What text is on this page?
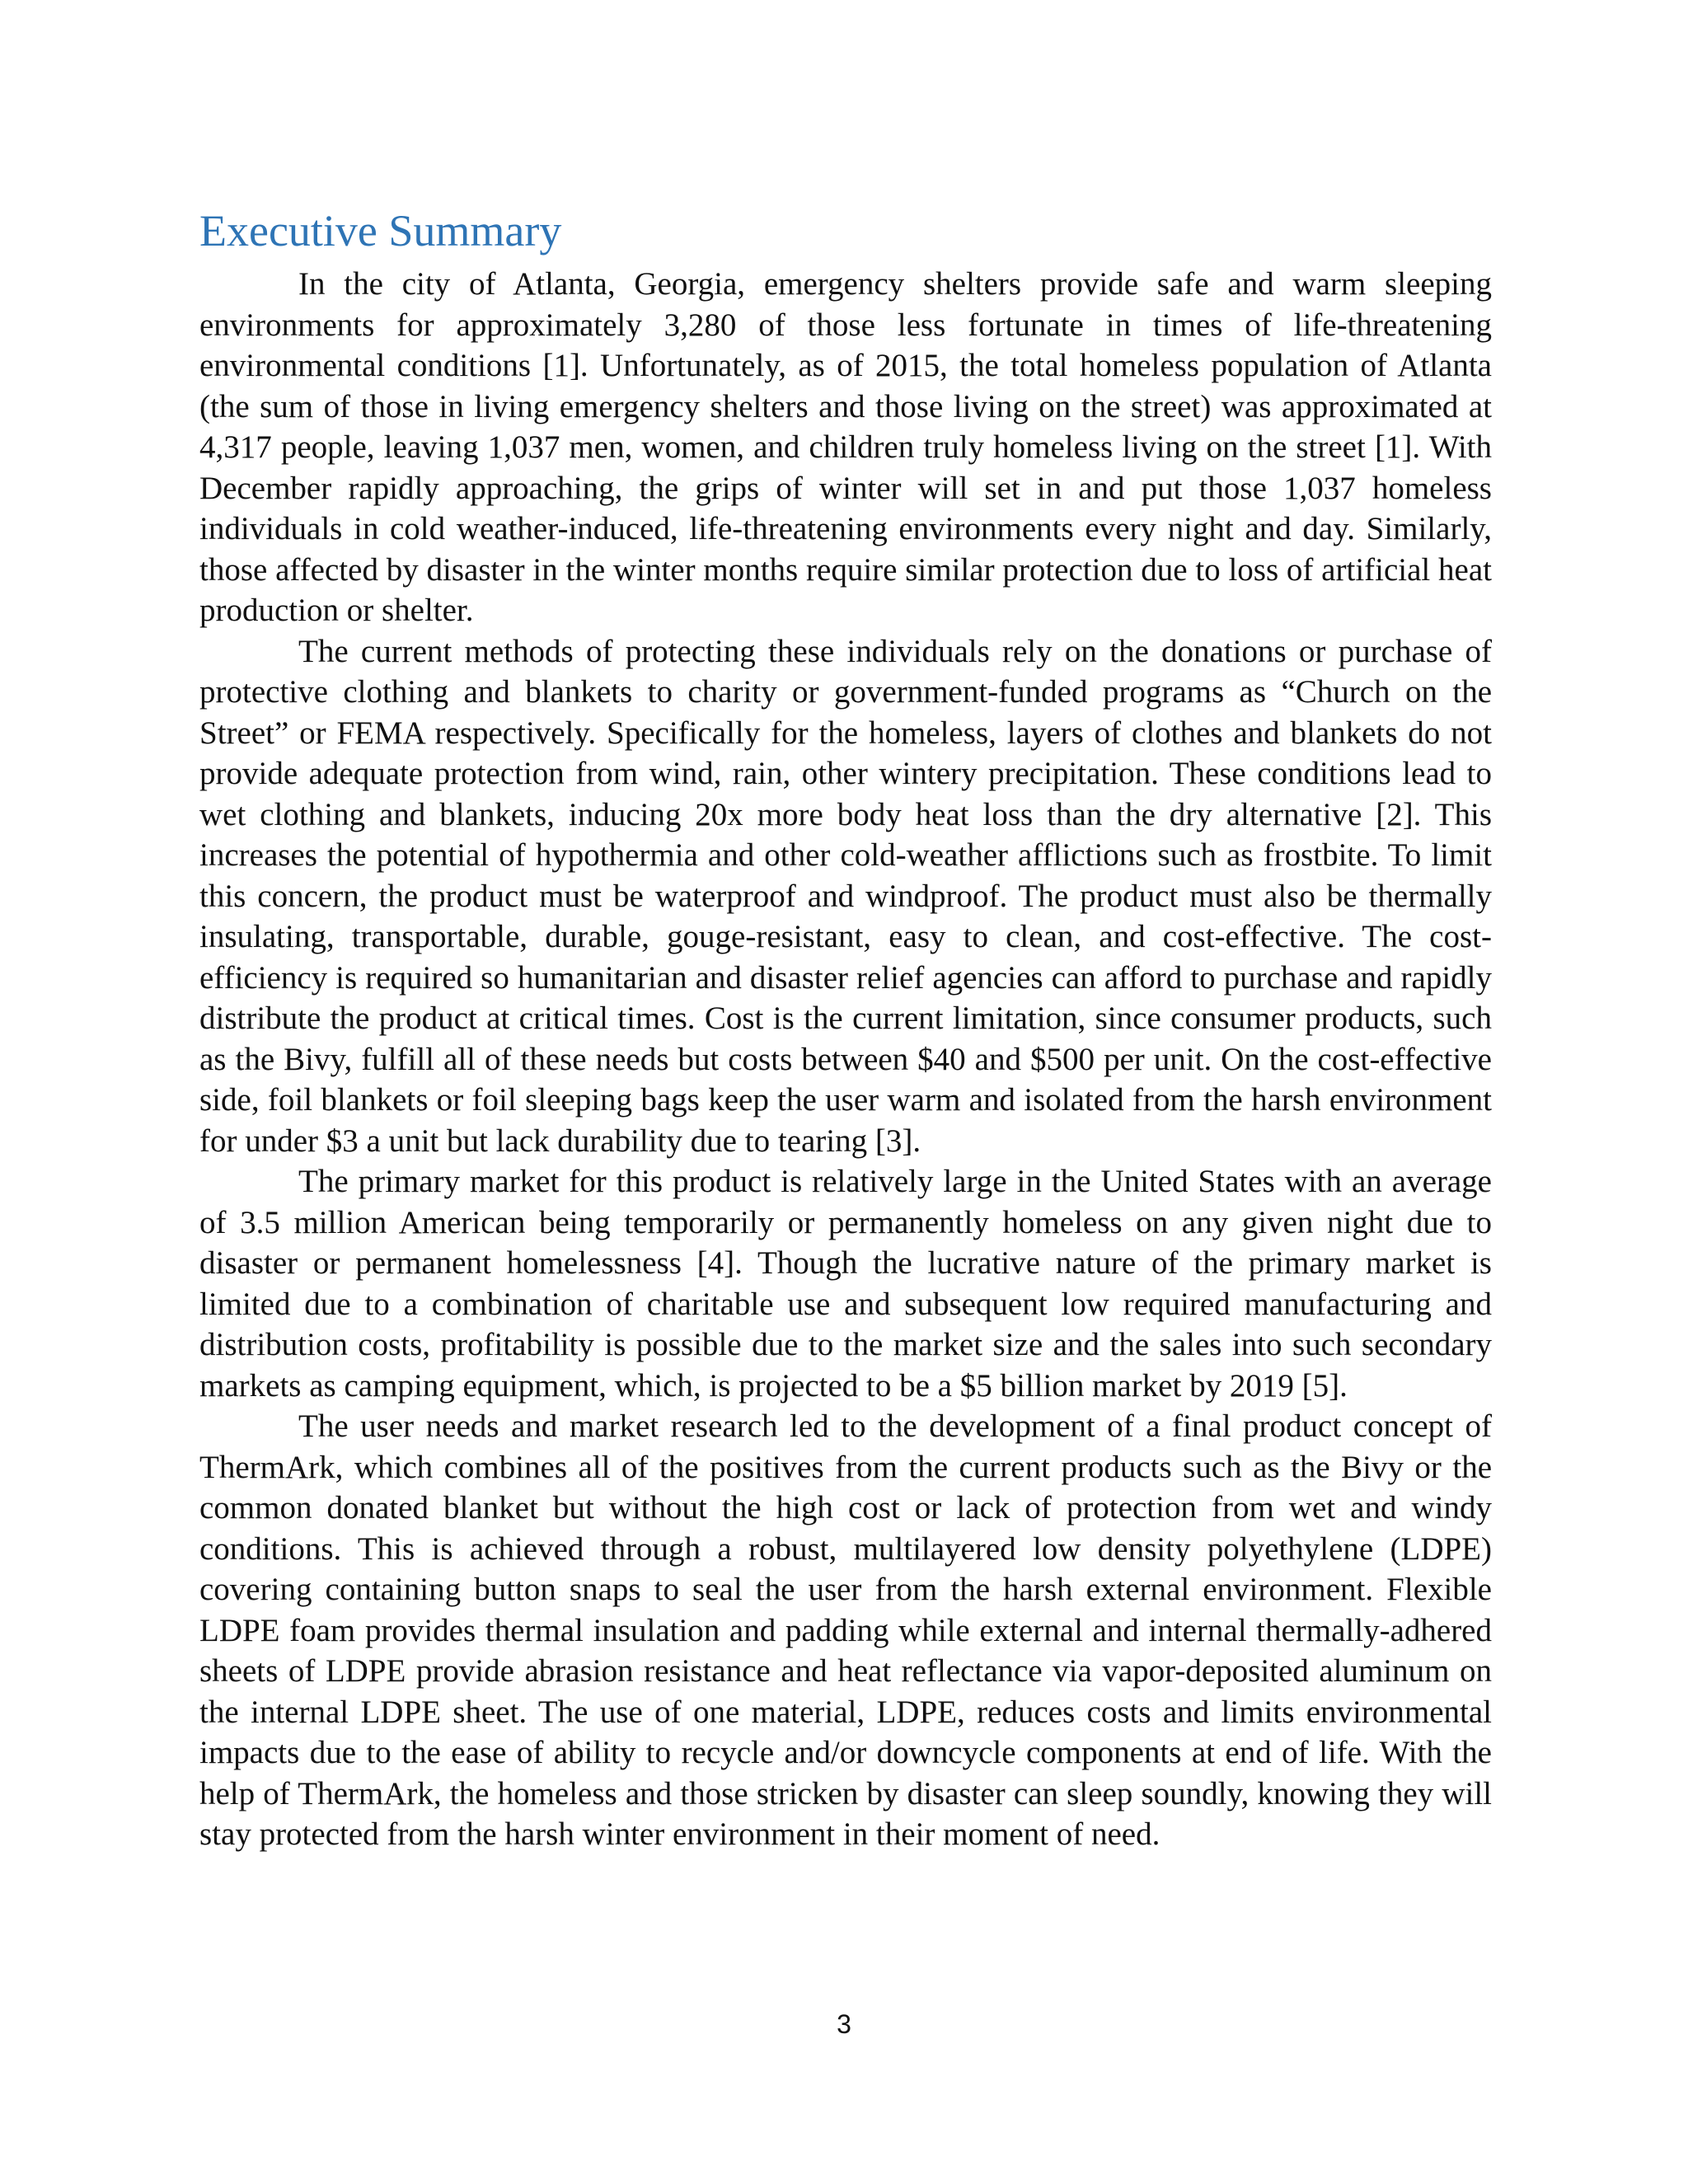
Executive Summary

In the city of Atlanta, Georgia, emergency shelters provide safe and warm sleeping environments for approximately 3,280 of those less fortunate in times of life-threatening environmental conditions [1]. Unfortunately, as of 2015, the total homeless population of Atlanta (the sum of those in living emergency shelters and those living on the street) was approximated at 4,317 people, leaving 1,037 men, women, and children truly homeless living on the street [1]. With December rapidly approaching, the grips of winter will set in and put those 1,037 homeless individuals in cold weather-induced, life-threatening environments every night and day. Similarly, those affected by disaster in the winter months require similar protection due to loss of artificial heat production or shelter.

The current methods of protecting these individuals rely on the donations or purchase of protective clothing and blankets to charity or government-funded programs as “Church on the Street” or FEMA respectively. Specifically for the homeless, layers of clothes and blankets do not provide adequate protection from wind, rain, other wintery precipitation. These conditions lead to wet clothing and blankets, inducing 20x more body heat loss than the dry alternative [2]. This increases the potential of hypothermia and other cold-weather afflictions such as frostbite. To limit this concern, the product must be waterproof and windproof. The product must also be thermally insulating, transportable, durable, gouge-resistant, easy to clean, and cost-effective. The cost-efficiency is required so humanitarian and disaster relief agencies can afford to purchase and rapidly distribute the product at critical times. Cost is the current limitation, since consumer products, such as the Bivy, fulfill all of these needs but costs between $40 and $500 per unit. On the cost-effective side, foil blankets or foil sleeping bags keep the user warm and isolated from the harsh environment for under $3 a unit but lack durability due to tearing [3].

The primary market for this product is relatively large in the United States with an average of 3.5 million American being temporarily or permanently homeless on any given night due to disaster or permanent homelessness [4]. Though the lucrative nature of the primary market is limited due to a combination of charitable use and subsequent low required manufacturing and distribution costs, profitability is possible due to the market size and the sales into such secondary markets as camping equipment, which, is projected to be a $5 billion market by 2019 [5].

The user needs and market research led to the development of a final product concept of ThermArk, which combines all of the positives from the current products such as the Bivy or the common donated blanket but without the high cost or lack of protection from wet and windy conditions. This is achieved through a robust, multilayered low density polyethylene (LDPE) covering containing button snaps to seal the user from the harsh external environment. Flexible LDPE foam provides thermal insulation and padding while external and internal thermally-adhered sheets of LDPE provide abrasion resistance and heat reflectance via vapor-deposited aluminum on the internal LDPE sheet. The use of one material, LDPE, reduces costs and limits environmental impacts due to the ease of ability to recycle and/or downcycle components at end of life. With the help of ThermArk, the homeless and those stricken by disaster can sleep soundly, knowing they will stay protected from the harsh winter environment in their moment of need.

3
